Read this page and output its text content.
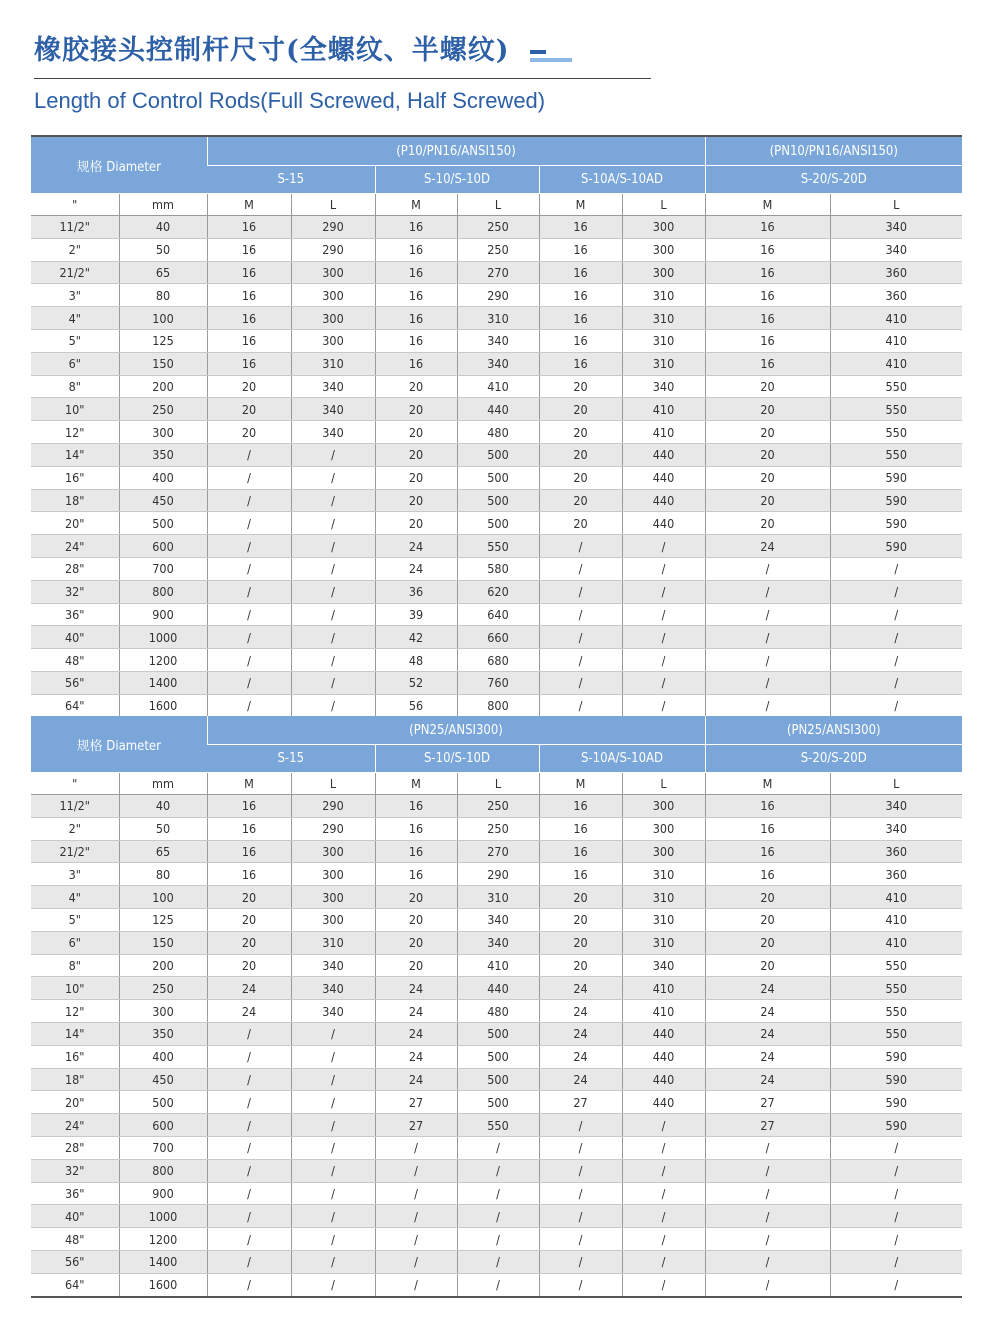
橡胶接头控制杆尺寸(全螺纹、半螺纹)
Length of Control Rods(Full Screwed, Half Screwed)
规格 Diameter		(P10/PN16/ANSI150)						(PN10/PN16/ANSI150)	
		S-15		S-10/S-10D		S-10A/S-10AD		S-20/S-20D	
"	mm	M	L	M	L	M	L	M	L
11/2"	40	16	290	16	250	16	300	16	340
2"	50	16	290	16	250	16	300	16	340
21/2"	65	16	300	16	270	16	300	16	360
3"	80	16	300	16	290	16	310	16	360
4"	100	16	300	16	310	16	310	16	410
5"	125	16	300	16	340	16	310	16	410
6"	150	16	310	16	340	16	310	16	410
8"	200	20	340	20	410	20	340	20	550
10"	250	20	340	20	440	20	410	20	550
12"	300	20	340	20	480	20	410	20	550
14"	350	/	/	20	500	20	440	20	550
16"	400	/	/	20	500	20	440	20	590
18"	450	/	/	20	500	20	440	20	590
20"	500	/	/	20	500	20	440	20	590
24"	600	/	/	24	550	/	/	24	590
28"	700	/	/	24	580	/	/	/	/
32"	800	/	/	36	620	/	/	/	/
36"	900	/	/	39	640	/	/	/	/
40"	1000	/	/	42	660	/	/	/	/
48"	1200	/	/	48	680	/	/	/	/
56"	1400	/	/	52	760	/	/	/	/
64"	1600	/	/	56	800	/	/	/	/
规格 Diameter		(PN25/ANSI300)						(PN25/ANSI300)	
		S-15		S-10/S-10D		S-10A/S-10AD		S-20/S-20D	
"	mm	M	L	M	L	M	L	M	L
11/2"	40	16	290	16	250	16	300	16	340
2"	50	16	290	16	250	16	300	16	340
21/2"	65	16	300	16	270	16	300	16	360
3"	80	16	300	16	290	16	310	16	360
4"	100	20	300	20	310	20	310	20	410
5"	125	20	300	20	340	20	310	20	410
6"	150	20	310	20	340	20	310	20	410
8"	200	20	340	20	410	20	340	20	550
10"	250	24	340	24	440	24	410	24	550
12"	300	24	340	24	480	24	410	24	550
14"	350	/	/	24	500	24	440	24	550
16"	400	/	/	24	500	24	440	24	590
18"	450	/	/	24	500	24	440	24	590
20"	500	/	/	27	500	27	440	27	590
24"	600	/	/	27	550	/	/	27	590
28"	700	/	/	/	/	/	/	/	/
32"	800	/	/	/	/	/	/	/	/
36"	900	/	/	/	/	/	/	/	/
40"	1000	/	/	/	/	/	/	/	/
48"	1200	/	/	/	/	/	/	/	/
56"	1400	/	/	/	/	/	/	/	/
64"	1600	/	/	/	/	/	/	/	/
